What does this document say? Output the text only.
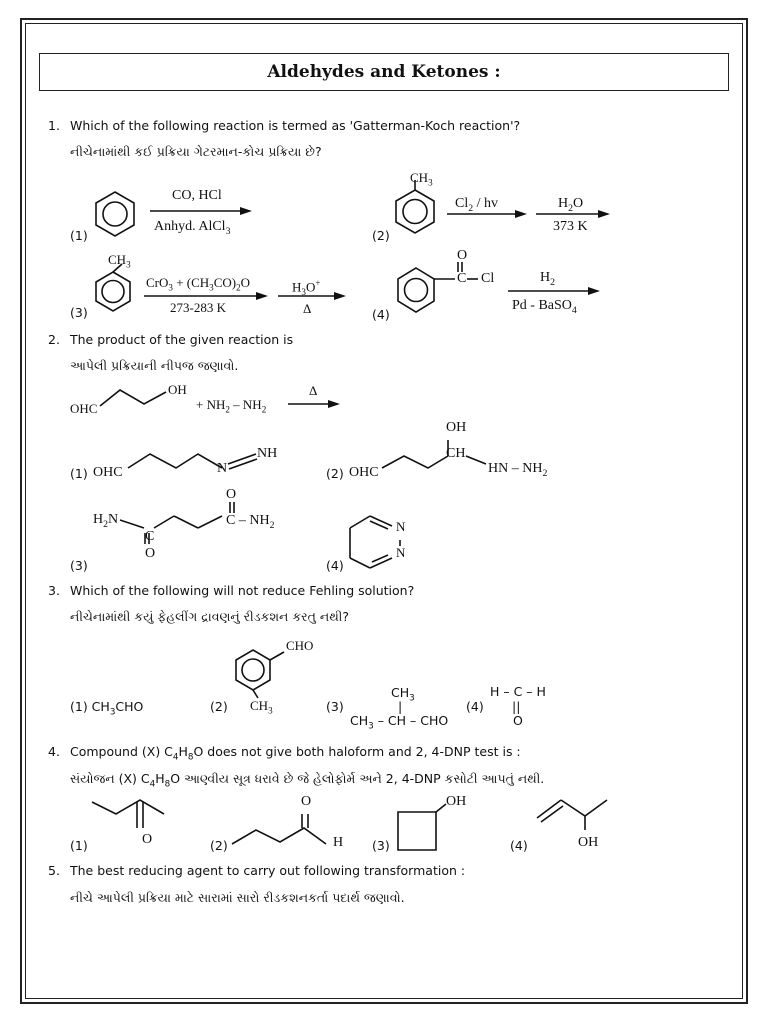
Aldehydes and Ketones :
1. Which of the following reaction is termed as 'Gatterman-Koch reaction'?
નીચેનામાંથી કઈ પ્રક્રિયા ગેટરમાન-કોચ પ્રક્રિયા છે?
(1)
CO, HCl
Anhyd. AlCl$_3$	(2)
$CH_3$
$Cl_2$ / hv	$H_2O$
373 K
(3)
$CH_3$
$CrO_3 + (CH_3CO)_2O$
273-283 K
$H_3O^+$
Δ	(4)
O
C Cl	$H_2$
Pd - BaSO$_4$
2. The product of the given reaction is
આપેલી પ્રક્રિયાની નીપજ જણાવો.
OHC
OH
+ $NH_2 - NH_2$
Δ
(1) OHC	N
NH
(2) OHC
OH
CH
HN – $NH_2$
(3)
$H_2N$
C
O
O
C – $NH_2$
(4)
N
N
3. Which of the following will not reduce Fehling solution?
નીચેનામાંથી કયું ફેહલીંગ દ્રાવણનું રીડકશન કરતુ નથી?
(1) $CH_3CHO$	(2)
CHO
$CH_3$	(3)
$CH_3$
|
$CH_3$ – CH – CHO
(4)
H – C – H
||
O
4. Compound (X) $C_4H_8O$ does not give both haloform and 2, 4-DNP test is :
સંયોજન (X) $C_4H_8O$ આણ્વીય સૂત્ર ધરાવે છે જે હેલોફોર્મ અને 2, 4-DNP કસોટી આપતું નથી.
(1)	O	(2)
O
H (3)
OH
(4)	OH
5. The best reducing agent to carry out following transformation :
નીચે આપેલી પ્રક્રિયા માટે સારામાં સારો રીડકશનકર્તા પદાર્થ જણાવો.
